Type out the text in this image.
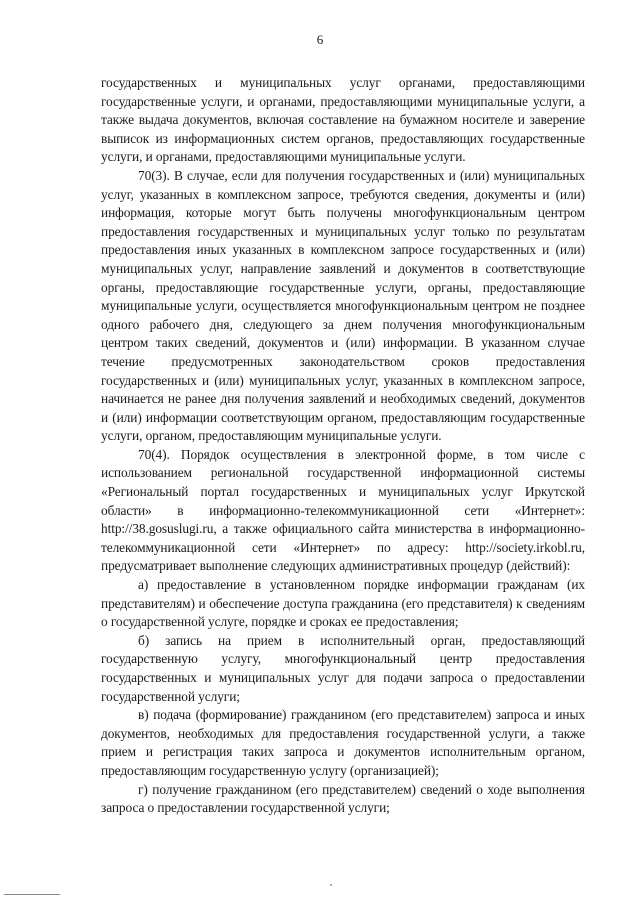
6

государственных и муниципальных услуг органами, предоставляющими государственные услуги, и органами, предоставляющими муниципальные услуги, а также выдача документов, включая составление на бумажном носителе и заверение выписок из информационных систем органов, предоставляющих государственные услуги, и органами, предоставляющими муниципальные услуги.

70(3). В случае, если для получения государственных и (или) муниципальных услуг, указанных в комплексном запросе, требуются сведения, документы и (или) информация, которые могут быть получены многофункциональным центром предоставления государственных и муниципальных услуг только по результатам предоставления иных указанных в комплексном запросе государственных и (или) муниципальных услуг, направление заявлений и документов в соответствующие органы, предоставляющие государственные услуги, органы, предоставляющие муниципальные услуги, осуществляется многофункциональным центром не позднее одного рабочего дня, следующего за днем получения многофункциональным центром таких сведений, документов и (или) информации. В указанном случае течение предусмотренных законодательством сроков предоставления государственных и (или) муниципальных услуг, указанных в комплексном запросе, начинается не ранее дня получения заявлений и необходимых сведений, документов и (или) информации соответствующим органом, предоставляющим государственные услуги, органом, предоставляющим муниципальные услуги.

70(4). Порядок осуществления в электронной форме, в том числе с использованием региональной государственной информационной системы «Региональный портал государственных и муниципальных услуг Иркутской области» в информационно-телекоммуникационной сети «Интернет»: http://38.gosuslugi.ru, а также официального сайта министерства в информационно-телекоммуникационной сети «Интернет» по адресу: http://society.irkobl.ru, предусматривает выполнение следующих административных процедур (действий):

а) предоставление в установленном порядке информации гражданам (их представителям) и обеспечение доступа гражданина (его представителя) к сведениям о государственной услуге, порядке и сроках ее предоставления;

б) запись на прием в исполнительный орган, предоставляющий государственную услугу, многофункциональный центр предоставления государственных и муниципальных услуг для подачи запроса о предоставлении государственной услуги;

в) подача (формирование) гражданином (его представителем) запроса и иных документов, необходимых для предоставления государственной услуги, а также прием и регистрация таких запроса и документов исполнительным органом, предоставляющим государственную услугу (организацией);

г) получение гражданином (его представителем) сведений о ходе выполнения запроса о предоставлении государственной услуги;
